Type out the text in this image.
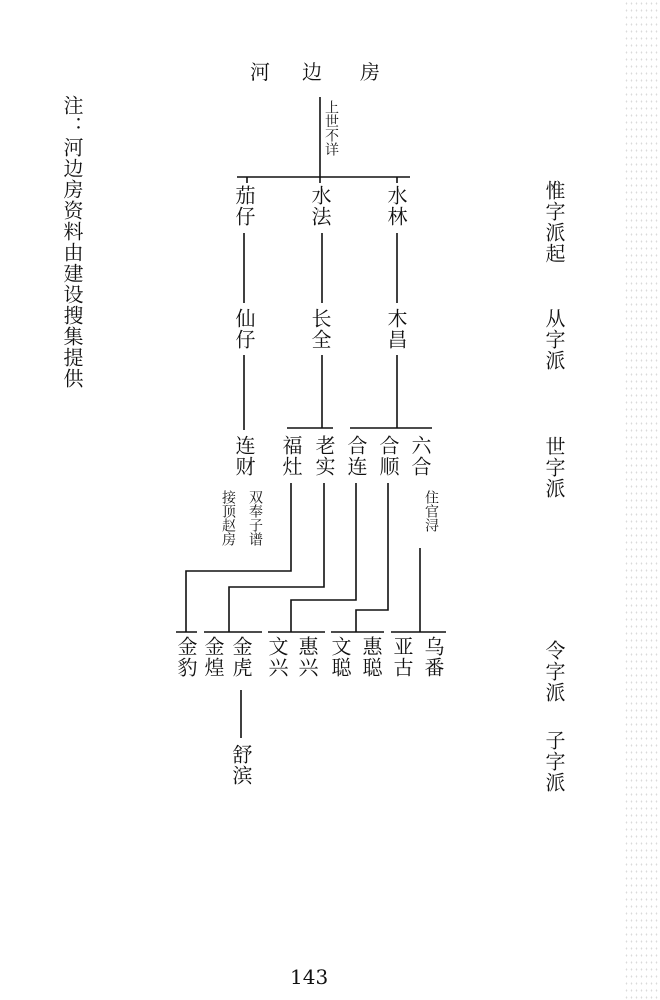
河 边 房
注：河边房资料由建设搜集提供	上世不详
惟字派起
从字派
世字派
令字派
子字派
茄仔	水法	水林
仙仔	长全	木昌
连财 福灶 老实 合连 合顺 六合
接顶赵房 双奉子谱	住官浔
金豹 金煌 金虎 文兴 惠兴 文聪 惠聪 亚古 乌番
舒滨
143
